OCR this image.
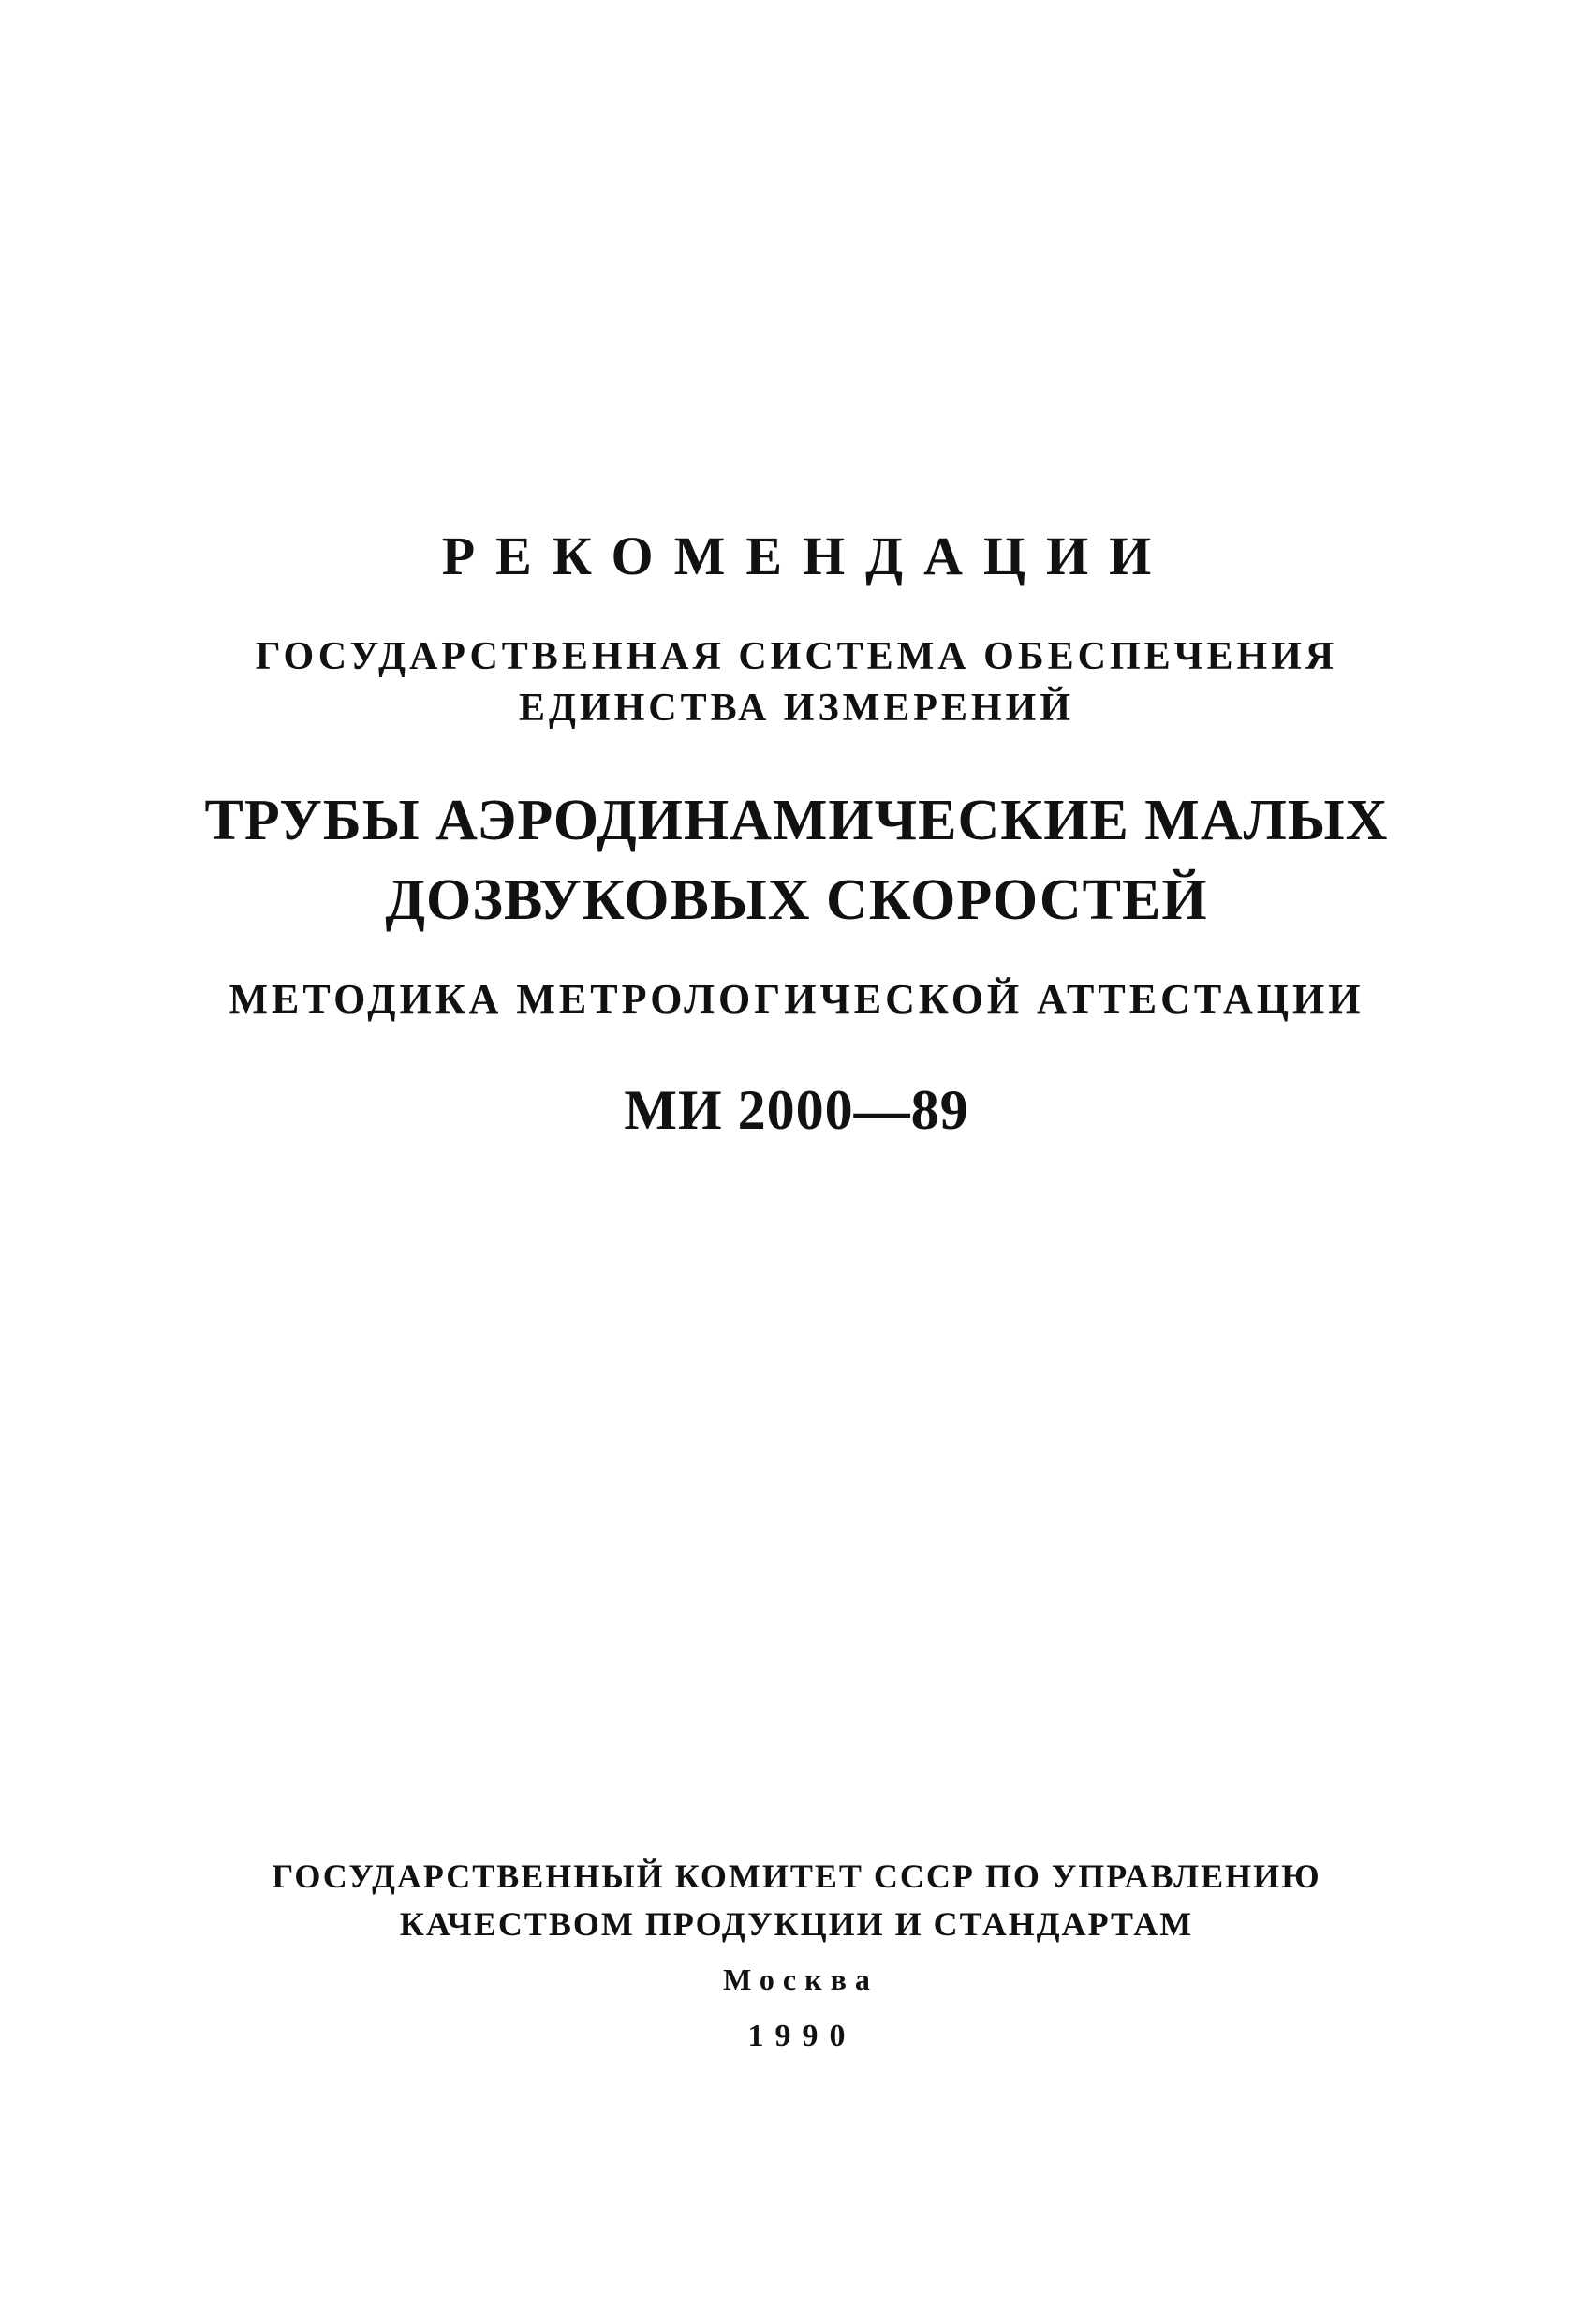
РЕКОМЕНДАЦИИ
ГОСУДАРСТВЕННАЯ СИСТЕМА ОБЕСПЕЧЕНИЯ
ЕДИНСТВА ИЗМЕРЕНИЙ
ТРУБЫ АЭРОДИНАМИЧЕСКИЕ МАЛЫХ
ДОЗВУКОВЫХ СКОРОСТЕЙ
МЕТОДИКА МЕТРОЛОГИЧЕСКОЙ АТТЕСТАЦИИ
МИ 2000—89
ГОСУДАРСТВЕННЫЙ КОМИТЕТ СССР ПО УПРАВЛЕНИЮ
КАЧЕСТВОМ ПРОДУКЦИИ И СТАНДАРТАМ
Москва
1990
